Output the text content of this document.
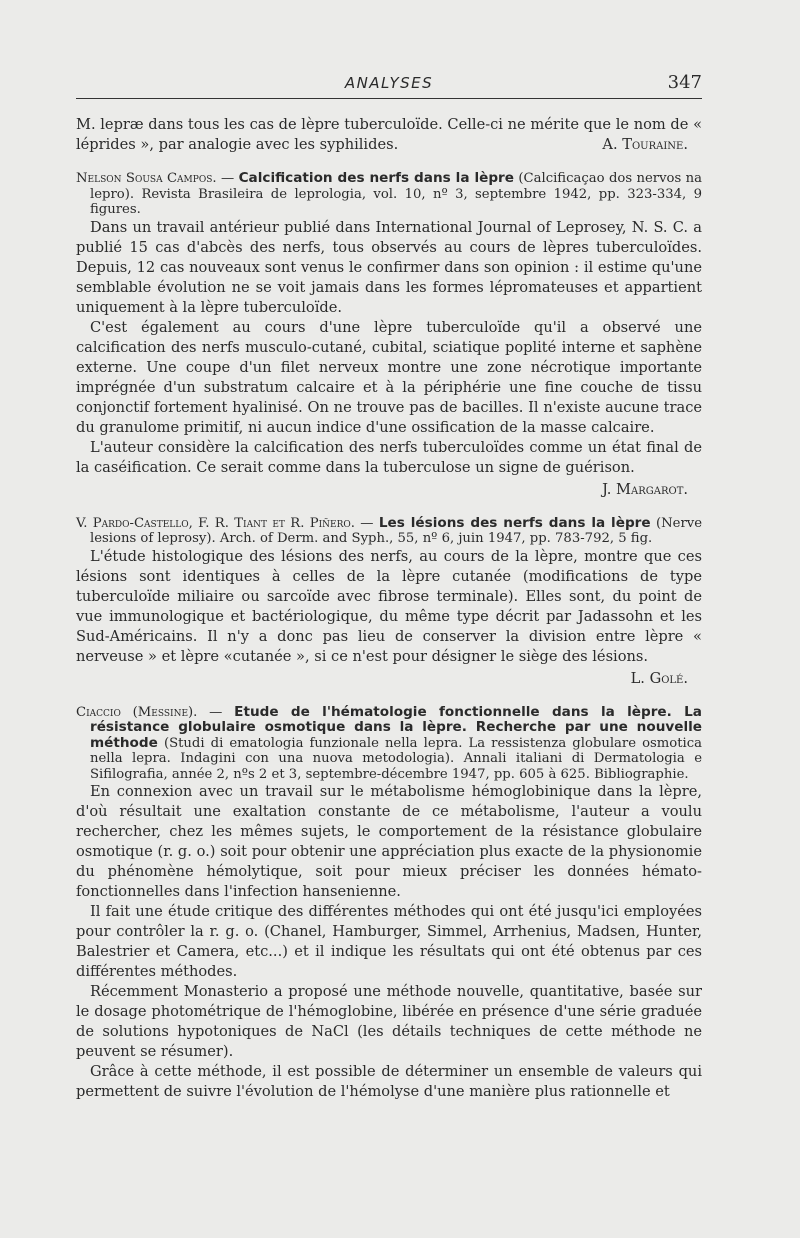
ANALYSES	347

M. lepræ dans tous les cas de lèpre tuberculoïde. Celle-ci ne mérite que le nom de « léprides », par analogie avec les syphilides.	A. Touraine.

Nelson Sousa Campos. — Calcification des nerfs dans la lèpre (Calcificaçao dos nervos na lepro). Revista Brasileira de leprologia, vol. 10, nº 3, septembre 1942, pp. 323-334, 9 figures.

Dans un travail antérieur publié dans International Journal of Leprosey, N. S. C. a publié 15 cas d'abcès des nerfs, tous observés au cours de lèpres tuberculoïdes. Depuis, 12 cas nouveaux sont venus le confirmer dans son opinion : il estime qu'une semblable évolution ne se voit jamais dans les formes lépromateuses et appartient uniquement à la lèpre tuberculoïde.

C'est également au cours d'une lèpre tuberculoïde qu'il a observé une calcification des nerfs musculo-cutané, cubital, sciatique poplité interne et saphène externe. Une coupe d'un filet nerveux montre une zone nécrotique importante imprégnée d'un substratum calcaire et à la périphérie une fine couche de tissu conjonctif fortement hyalinisé. On ne trouve pas de bacilles. Il n'existe aucune trace du granulome primitif, ni aucun indice d'une ossification de la masse calcaire.

L'auteur considère la calcification des nerfs tuberculoïdes comme un état final de la caséification. Ce serait comme dans la tuberculose un signe de guérison.

J. Margarot.

V. Pardo-Castello, F. R. Tiant et R. Piñero. — Les lésions des nerfs dans la lèpre (Nerve lesions of leprosy). Arch. of Derm. and Syph., 55, nº 6, juin 1947, pp. 783-792, 5 fig.

L'étude histologique des lésions des nerfs, au cours de la lèpre, montre que ces lésions sont identiques à celles de la lèpre cutanée (modifications de type tuberculoïde miliaire ou sarcoïde avec fibrose terminale). Elles sont, du point de vue immunologique et bactériologique, du même type décrit par Jadassohn et les Sud-Américains. Il n'y a donc pas lieu de conserver la division entre lèpre « nerveuse » et lèpre «cutanée », si ce n'est pour désigner le siège des lésions.

L. Golé.

Ciaccio (Messine). — Etude de l'hématologie fonctionnelle dans la lèpre. La résistance globulaire osmotique dans la lèpre. Recherche par une nouvelle méthode (Studi di ematologia funzionale nella lepra. La ressistenza globulare osmotica nella lepra. Indagini con una nuova metodologia). Annali italiani di Dermatologia e Sifilografia, année 2, nºs 2 et 3, septembre-décembre 1947, pp. 605 à 625. Bibliographie.

En connexion avec un travail sur le métabolisme hémoglobinique dans la lèpre, d'où résultait une exaltation constante de ce métabolisme, l'auteur a voulu rechercher, chez les mêmes sujets, le comportement de la résistance globulaire osmotique (r. g. o.) soit pour obtenir une appréciation plus exacte de la physionomie du phénomène hémolytique, soit pour mieux préciser les données hémato-fonctionnelles dans l'infection hansenienne.

Il fait une étude critique des différentes méthodes qui ont été jusqu'ici employées pour contrôler la r. g. o. (Chanel, Hamburger, Simmel, Arrhenius, Madsen, Hunter, Balestrier et Camera, etc...) et il indique les résultats qui ont été obtenus par ces différentes méthodes.

Récemment Monasterio a proposé une méthode nouvelle, quantitative, basée sur le dosage photométrique de l'hémoglobine, libérée en présence d'une série graduée de solutions hypotoniques de NaCl (les détails techniques de cette méthode ne peuvent se résumer).

Grâce à cette méthode, il est possible de déterminer un ensemble de valeurs qui permettent de suivre l'évolution de l'hémolyse d'une manière plus rationnelle et
